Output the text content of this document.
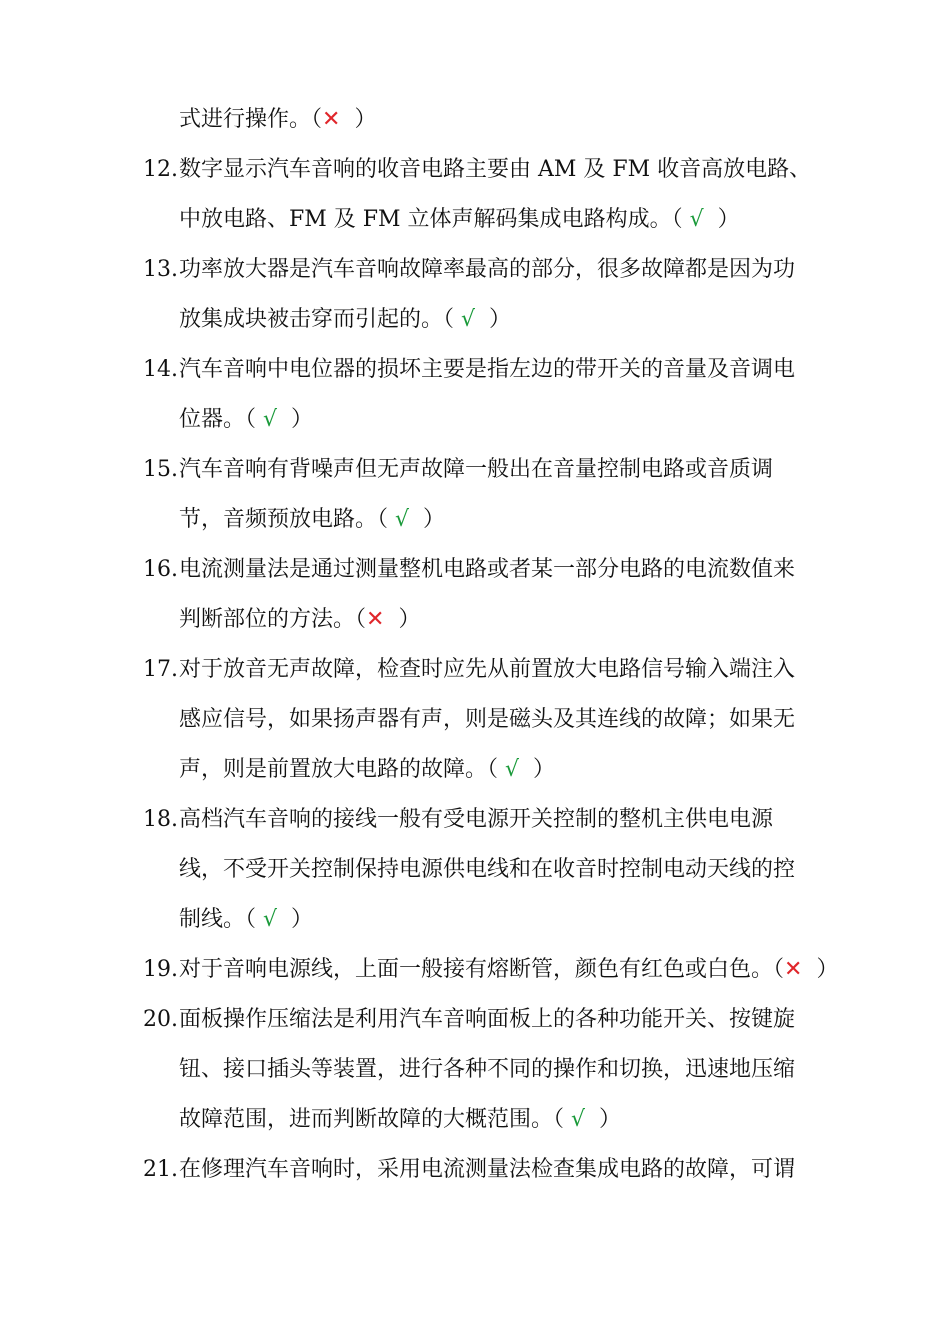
式进行操作。（✕  ）
12. 数字显示汽车音响的收音电路主要由 AM 及 FM 收音高放电路、
中放电路、FM 及 FM 立体声解码集成电路构成。（ √  ）
13. 功率放大器是汽车音响故障率最高的部分，很多故障都是因为功
放集成块被击穿而引起的。（ √  ）
14. 汽车音响中电位器的损坏主要是指左边的带开关的音量及音调电
位器。（ √  ）
15. 汽车音响有背噪声但无声故障一般出在音量控制电路或音质调
节，音频预放电路。（ √  ）
16. 电流测量法是通过测量整机电路或者某一部分电路的电流数值来
判断部位的方法。（✕  ）
17. 对于放音无声故障，检查时应先从前置放大电路信号输入端注入
感应信号，如果扬声器有声，则是磁头及其连线的故障；如果无
声，则是前置放大电路的故障。（ √  ）
18. 高档汽车音响的接线一般有受电源开关控制的整机主供电电源
线，不受开关控制保持电源供电线和在收音时控制电动天线的控
制线。（ √  ）
19. 对于音响电源线，上面一般接有熔断管，颜色有红色或白色。（✕  ）
20. 面板操作压缩法是利用汽车音响面板上的各种功能开关、按键旋
钮、接口插头等装置，进行各种不同的操作和切换，迅速地压缩
故障范围，进而判断故障的大概范围。（ √  ）
21. 在修理汽车音响时，采用电流测量法检查集成电路的故障，可谓
